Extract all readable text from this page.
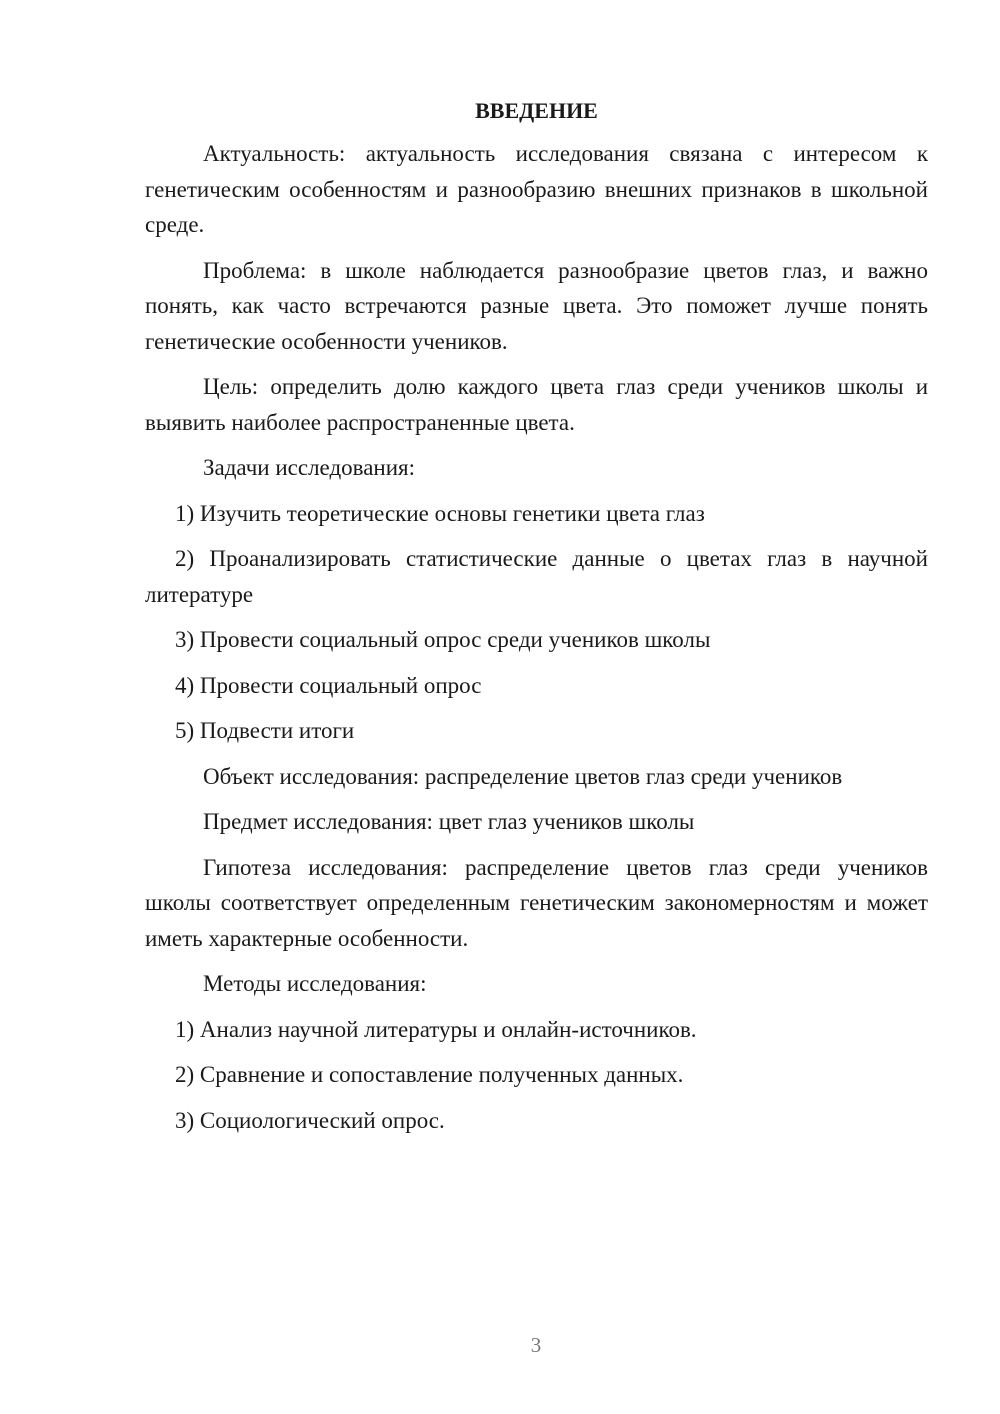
ВВЕДЕНИЕ

Актуальность: актуальность исследования связана с интересом к генетическим особенностям и разнообразию внешних признаков в школьной среде.

Проблема: в школе наблюдается разнообразие цветов глаз, и важно понять, как часто встречаются разные цвета. Это поможет лучше понять генетические особенности учеников.

Цель: определить долю каждого цвета глаз среди учеников школы и выявить наиболее распространенные цвета.

Задачи исследования:

1) Изучить теоретические основы генетики цвета глаз

2) Проанализировать статистические данные о цветах глаз в научной литературе

3) Провести социальный опрос среди учеников школы

4) Провести социальный опрос

5) Подвести итоги

Объект исследования: распределение цветов глаз среди учеников

Предмет исследования: цвет глаз учеников школы

Гипотеза исследования: распределение цветов глаз среди учеников школы соответствует определенным генетическим закономерностям и может иметь характерные особенности.

Методы исследования:

1) Анализ научной литературы и онлайн-источников.

2) Сравнение и сопоставление полученных данных.

3) Социологический опрос.

3
